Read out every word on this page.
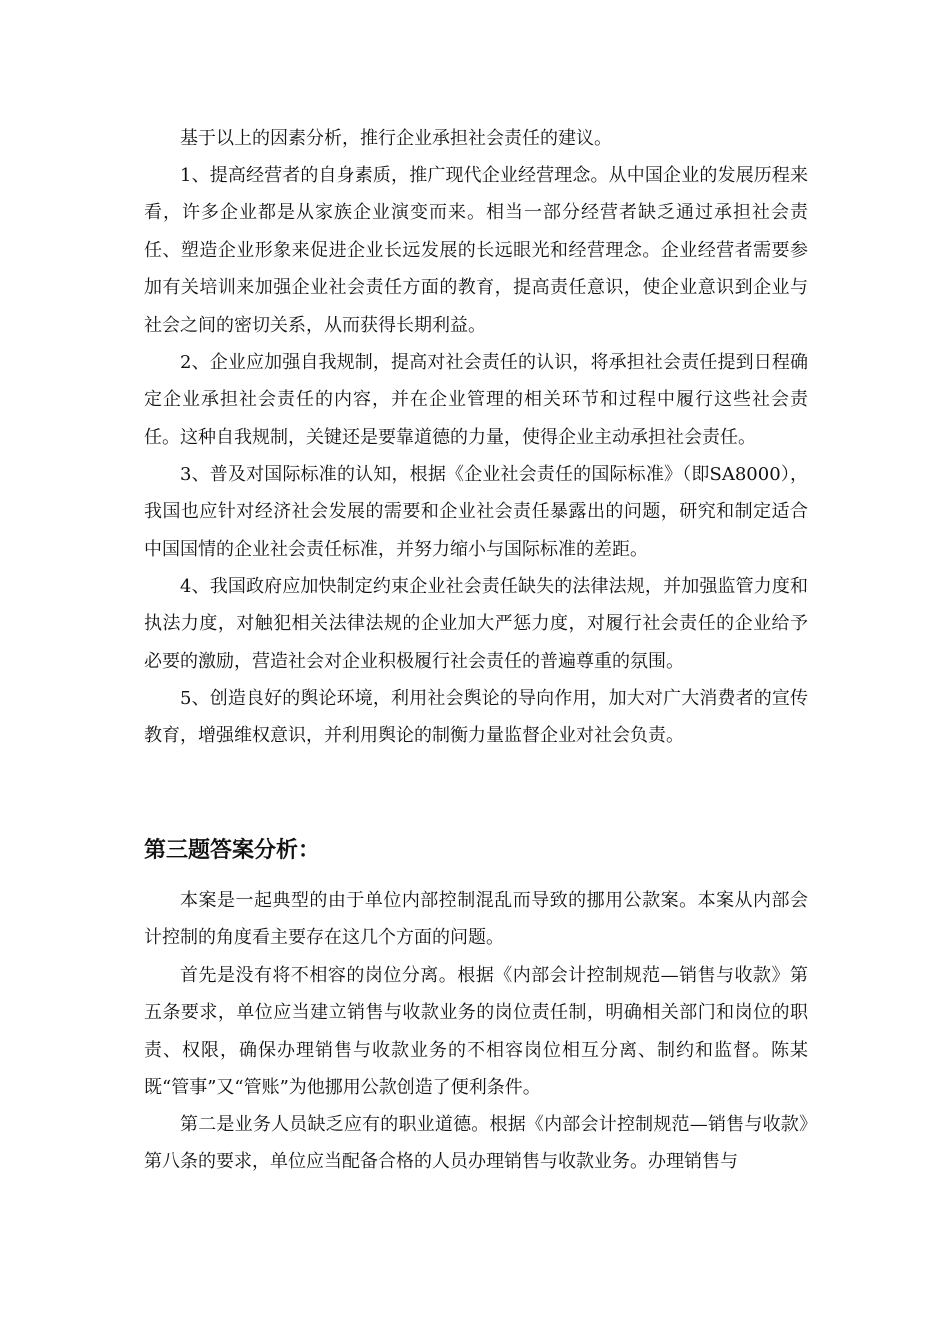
基于以上的因素分析，推行企业承担社会责任的建议。

1、提高经营者的自身素质，推广现代企业经营理念。从中国企业的发展历程来看，许多企业都是从家族企业演变而来。相当一部分经营者缺乏通过承担社会责任、塑造企业形象来促进企业长远发展的长远眼光和经营理念。企业经营者需要参加有关培训来加强企业社会责任方面的教育，提高责任意识，使企业意识到企业与社会之间的密切关系，从而获得长期利益。

2、企业应加强自我规制，提高对社会责任的认识，将承担社会责任提到日程确定企业承担社会责任的内容，并在企业管理的相关环节和过程中履行这些社会责任。这种自我规制，关键还是要靠道德的力量，使得企业主动承担社会责任。

3、普及对国际标准的认知，根据《企业社会责任的国际标准》（即SA8000），我国也应针对经济社会发展的需要和企业社会责任暴露出的问题，研究和制定适合中国国情的企业社会责任标准，并努力缩小与国际标准的差距。

4、我国政府应加快制定约束企业社会责任缺失的法律法规，并加强监管力度和执法力度，对触犯相关法律法规的企业加大严惩力度，对履行社会责任的企业给予必要的激励，营造社会对企业积极履行社会责任的普遍尊重的氛围。

5、创造良好的舆论环境，利用社会舆论的导向作用，加大对广大消费者的宣传教育，增强维权意识，并利用舆论的制衡力量监督企业对社会负责。

第三题答案分析：

本案是一起典型的由于单位内部控制混乱而导致的挪用公款案。本案从内部会计控制的角度看主要存在这几个方面的问题。

首先是没有将不相容的岗位分离。根据《内部会计控制规范—销售与收款》第五条要求，单位应当建立销售与收款业务的岗位责任制，明确相关部门和岗位的职责、权限，确保办理销售与收款业务的不相容岗位相互分离、制约和监督。陈某既“管事”又“管账”为他挪用公款创造了便利条件。

第二是业务人员缺乏应有的职业道德。根据《内部会计控制规范—销售与收款》第八条的要求，单位应当配备合格的人员办理销售与收款业务。办理销售与
